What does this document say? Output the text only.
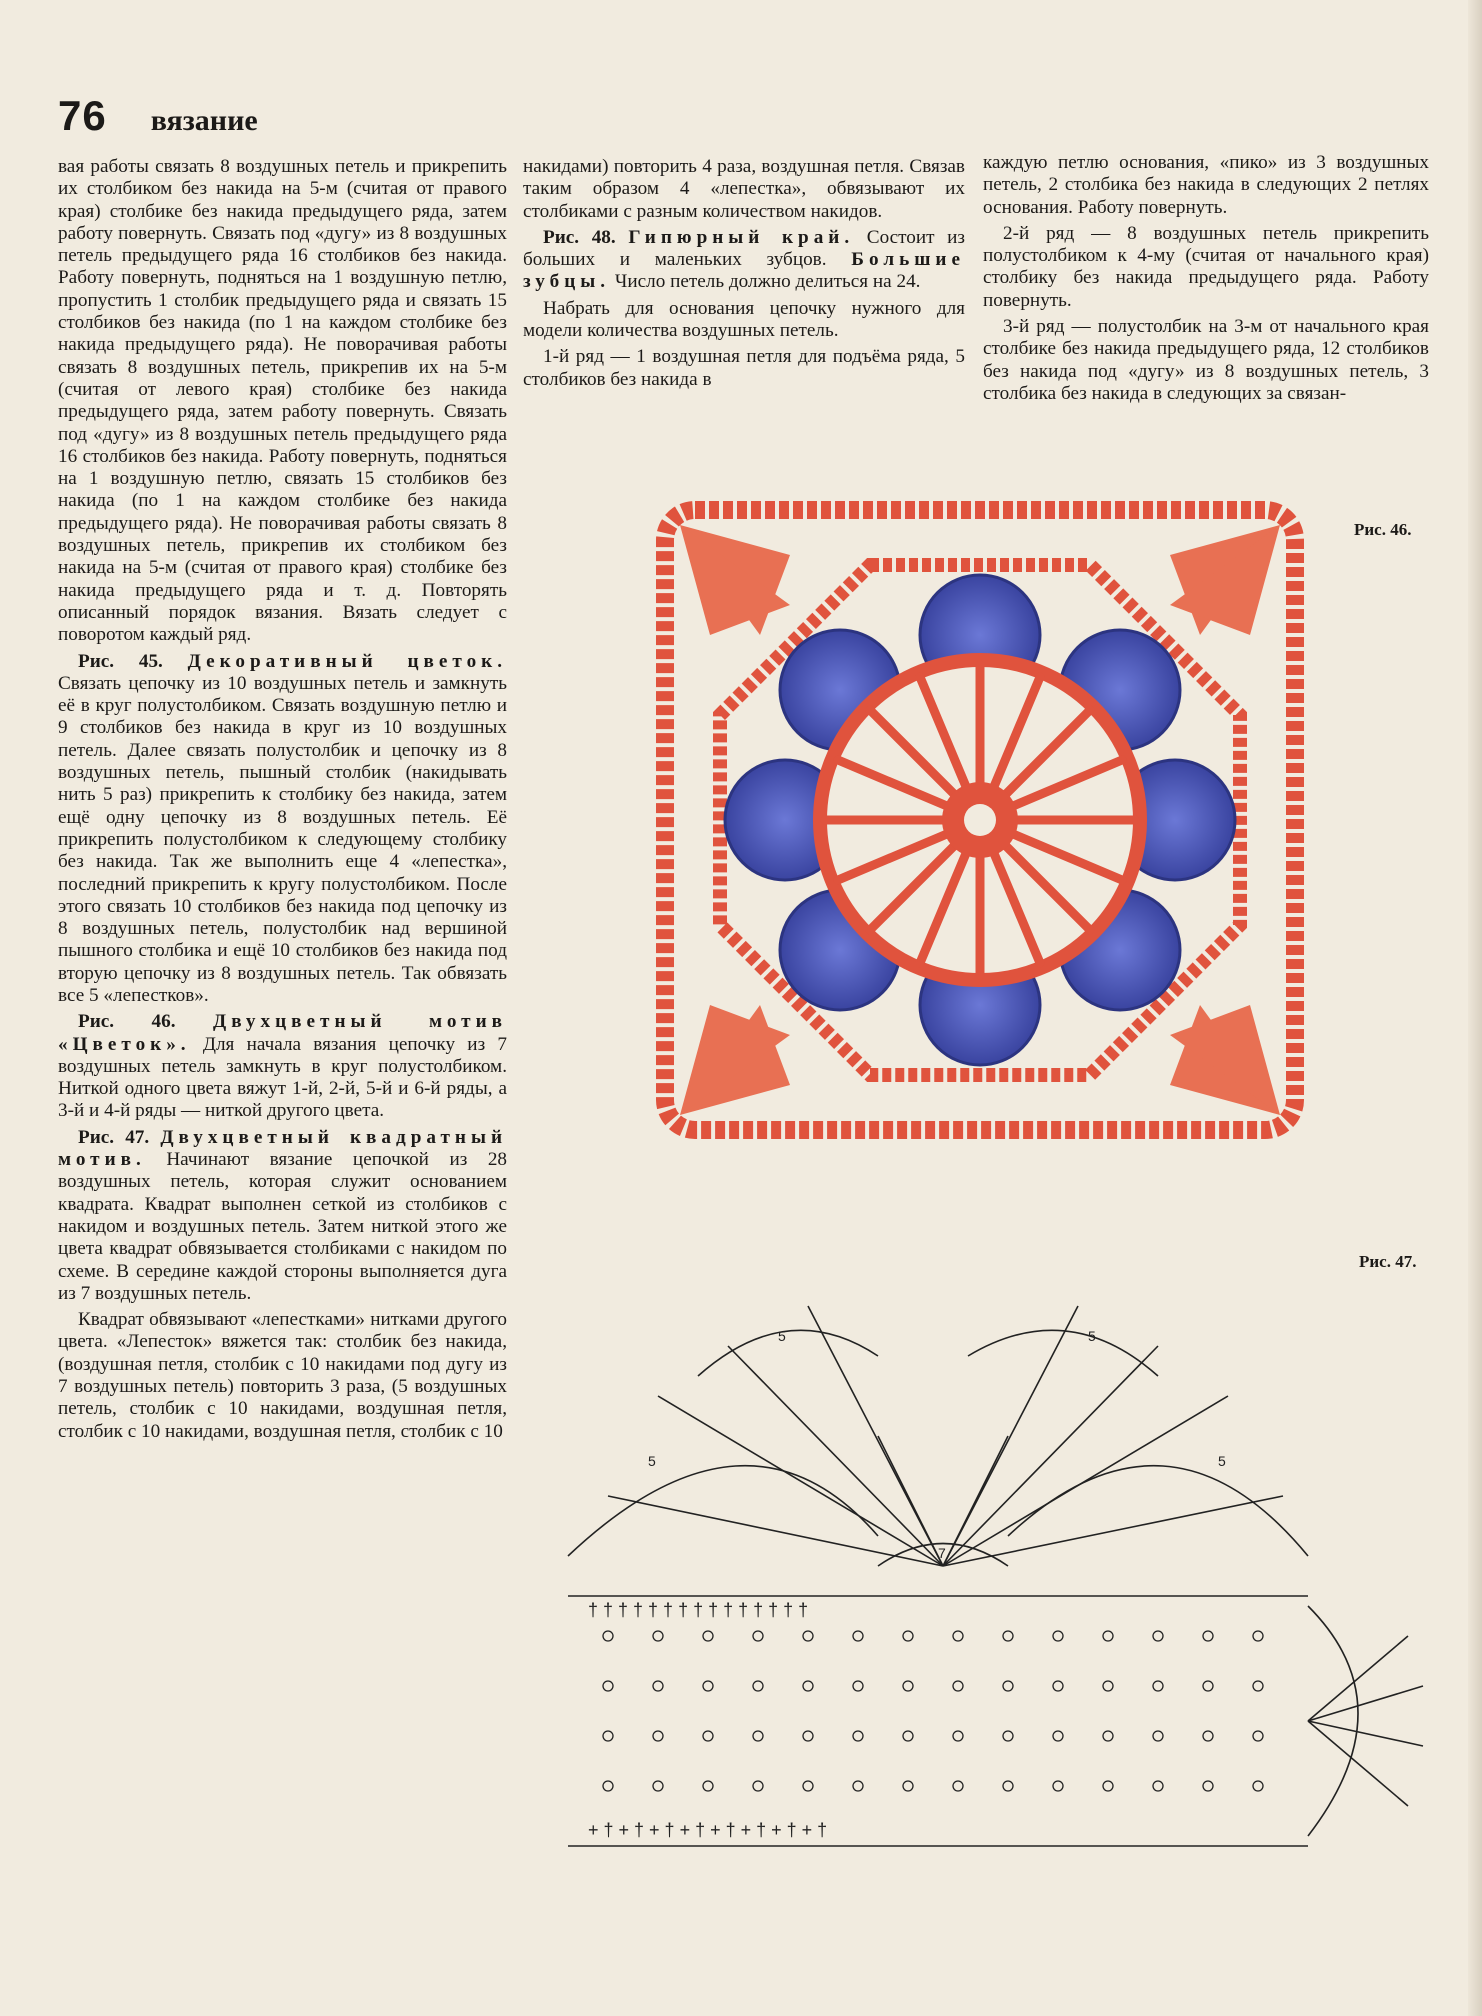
76 вязание

вая работы связать 8 воздушных петель и прикрепить их столбиком без накида на 5-м (считая от правого края) столбике без накида предыдущего ряда, затем работу повернуть. Связать под «дугу» из 8 воздушных петель предыдущего ряда 16 столбиков без накида. Работу повернуть, подняться на 1 воздушную петлю, пропустить 1 столбик предыдущего ряда и связать 15 столбиков без накида (по 1 на каждом столбике без накида предыдущего ряда). Не поворачивая работы связать 8 воздушных петель, прикрепив их на 5-м (считая от левого края) столбике без накида предыдущего ряда, затем работу повернуть. Связать под «дугу» из 8 воздушных петель предыдущего ряда 16 столбиков без накида. Работу повернуть, подняться на 1 воздушную петлю, связать 15 столбиков без накида (по 1 на каждом столбике без накида предыдущего ряда). Не поворачивая работы связать 8 воздушных петель, прикрепив их столбиком без накида на 5-м (считая от правого края) столбике без накида предыдущего ряда и т. д. Повторять описанный порядок вязания. Вязать следует с поворотом каждый ряд.

Рис. 45. Декоративный цветок. Связать цепочку из 10 воздушных петель и замкнуть её в круг полустолбиком. Связать воздушную петлю и 9 столбиков без накида в круг из 10 воздушных петель. Далее связать полустолбик и цепочку из 8 воздушных петель, пышный столбик (накидывать нить 5 раз) прикрепить к столбику без накида, затем ещё одну цепочку из 8 воздушных петель. Её прикрепить полустолбиком к следующему столбику без накида. Так же выполнить еще 4 «лепестка», последний прикрепить к кругу полустолбиком. После этого связать 10 столбиков без накида под цепочку из 8 воздушных петель, полустолбик над вершиной пышного столбика и ещё 10 столбиков без накида под вторую цепочку из 8 воздушных петель. Так обвязать все 5 «лепестков».

Рис. 46. Двухцветный мотив «Цветок». Для начала вязания цепочку из 7 воздушных петель замкнуть в круг полустолбиком. Ниткой одного цвета вяжут 1-й, 2-й, 5-й и 6-й ряды, а 3-й и 4-й ряды — ниткой другого цвета.

Рис. 47. Двухцветный квадратный мотив. Начинают вязание цепочкой из 28 воздушных петель, которая служит основанием квадрата. Квадрат выполнен сеткой из столбиков с накидом и воздушных петель. Затем ниткой этого же цвета квадрат обвязывается столбиками с накидом по схеме. В середине каждой стороны выполняется дуга из 7 воздушных петель.

Квадрат обвязывают «лепестками» нитками другого цвета. «Лепесток» вяжется так: столбик без накида, (воздушная петля, столбик с 10 накидами под дугу из 7 воздушных петель) повторить 3 раза, (5 воздушных петель, столбик с 10 накидами, воздушная петля, столбик с 10 накидами, воздушная петля, столбик с 10

накидами) повторить 4 раза, воздушная петля. Связав таким образом 4 «лепестка», обвязывают их столбиками с разным количеством накидов.

Рис. 48. Гипюрный край. Состоит из больших и маленьких зубцов. Большие зубцы. Число петель должно делиться на 24.

Набрать для основания цепочку нужного для модели количества воздушных петель.

1-й ряд — 1 воздушная петля для подъёма ряда, 5 столбиков без накида в

каждую петлю основания, «пико» из 3 воздушных петель, 2 столбика без накида в следующих 2 петлях основания. Работу повернуть.

2-й ряд — 8 воздушных петель прикрепить полустолбиком к 4-му (считая от начального края) столбику без накида предыдущего ряда. Работу повернуть.

3-й ряд — полустолбик на 3-м от начального края столбике без накида предыдущего ряда, 12 столбиков без накида под «дугу» из 8 воздушных петель, 3 столбика без накида в следующих за связан-

Рис. 46.
Рис. 47.
† † † † † † † † † † † † † † †
+ † + † + † + † + † + † + † + †
5
5	5
5
7
